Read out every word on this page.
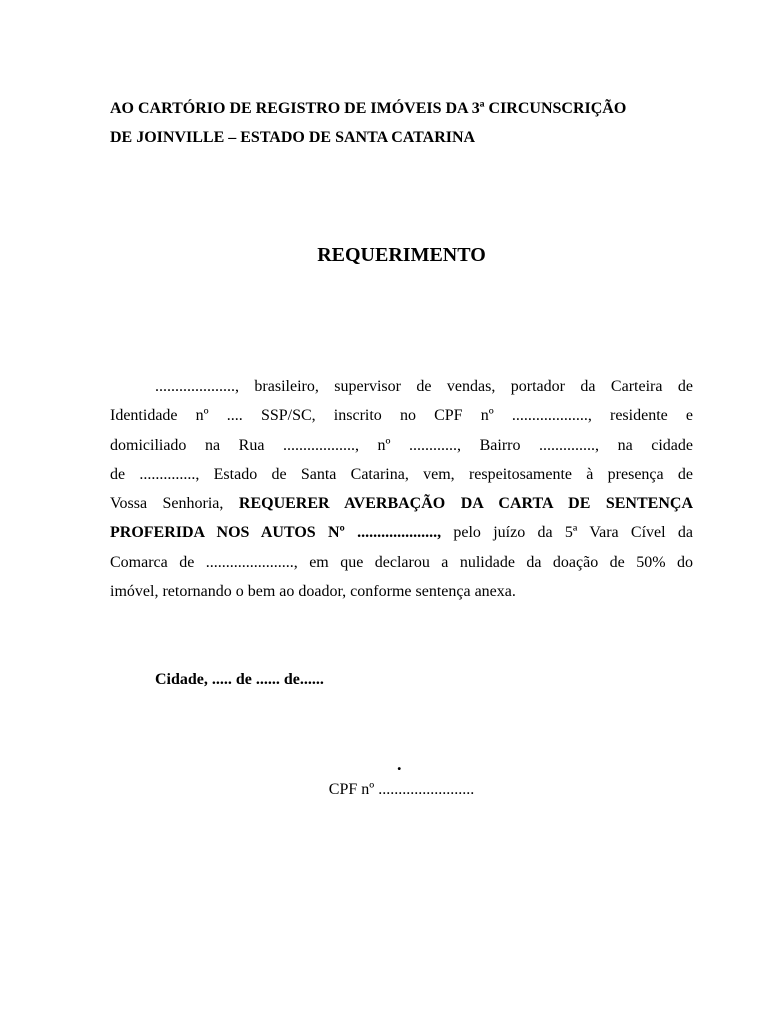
AO CARTÓRIO DE REGISTRO DE IMÓVEIS DA 3ª CIRCUNSCRIÇÃO
DE JOINVILLE – ESTADO DE SANTA CATARINA
REQUERIMENTO
...................., brasileiro, supervisor de vendas, portador da Carteira de
Identidade nº .... SSP/SC, inscrito no CPF nº ..................., residente e
domiciliado na Rua .................., nº ............, Bairro .............., na cidade
de .............., Estado de Santa Catarina, vem, respeitosamente à presença de
Vossa Senhoria, REQUERER AVERBAÇÃO DA CARTA DE SENTENÇA
PROFERIDA NOS AUTOS Nº ...................., pelo juízo da 5ª Vara Cível da
Comarca de ......................, em que declarou a nulidade da doação de 50% do
imóvel, retornando o bem ao doador, conforme sentença anexa.
Cidade, ..... de ...... de......
.
CPF nº ........................
